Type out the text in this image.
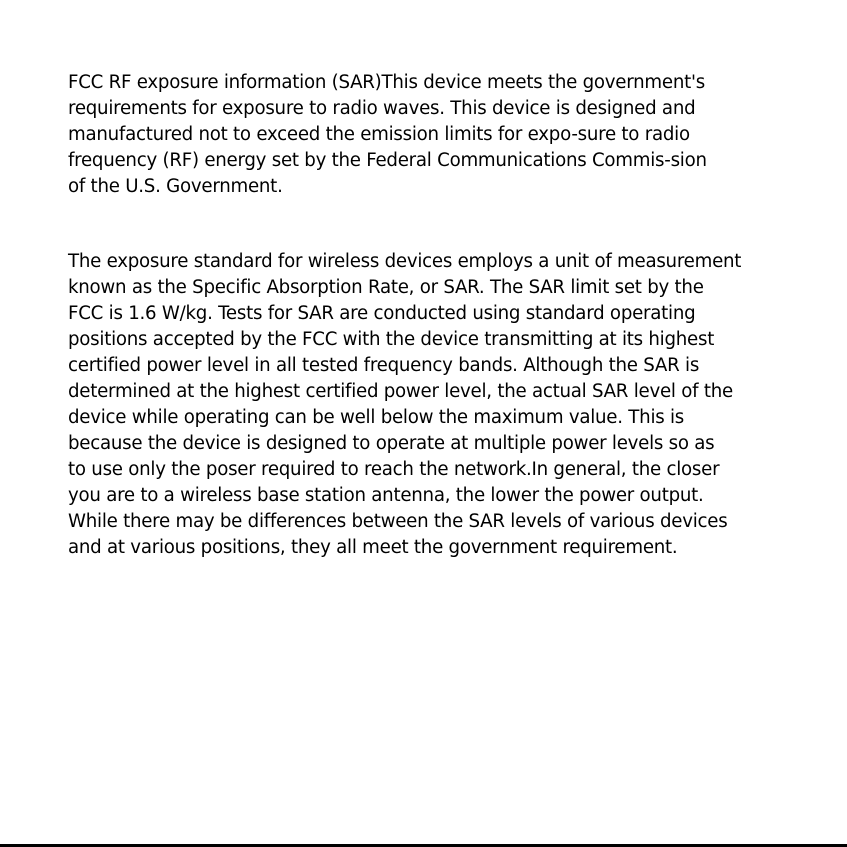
FCC RF exposure information (SAR)This device meets the government's
requirements for exposure to radio waves. This device is designed and
manufactured not to exceed the emission limits for expo-sure to radio
frequency (RF) energy set by the Federal Communications Commis-sion
of the U.S. Government.
The exposure standard for wireless devices employs a unit of measurement
known as the Specific Absorption Rate, or SAR. The SAR limit set by the
FCC is 1.6 W/kg. Tests for SAR are conducted using standard operating
positions accepted by the FCC with the device transmitting at its highest
certified power level in all tested frequency bands. Although the SAR is
determined at the highest certified power level, the actual SAR level of the
device while operating can be well below the maximum value. This is
because the device is designed to operate at multiple power levels so as
to use only the poser required to reach the network.In general, the closer
you are to a wireless base station antenna, the lower the power output.
While there may be differences between the SAR levels of various devices
and at various positions, they all meet the government requirement.
